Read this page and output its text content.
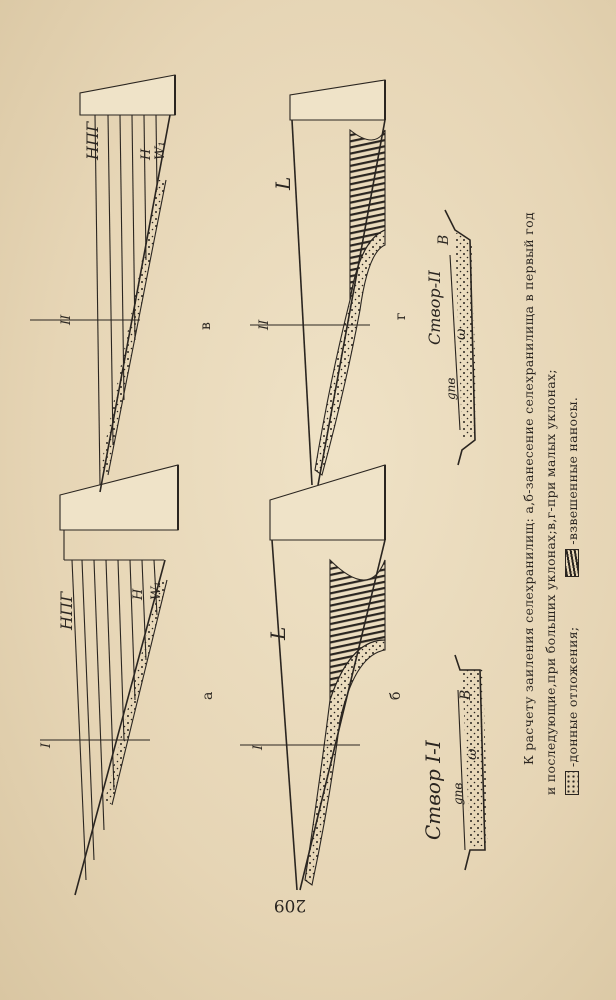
НПГ	Н W₁
I
а
НПГ	Н W₁
II
в
L
I
б
L
II
г
Створ I-I gпв
ω
В
Створ-II
gпв
ω
В
209
К расчету заиления селехранилищ: а,б-занесение селехранилища в первый год и последующие,при больших уклонах;в,г-при малых уклонах; -донные отложения;-взвешенные наносы.
